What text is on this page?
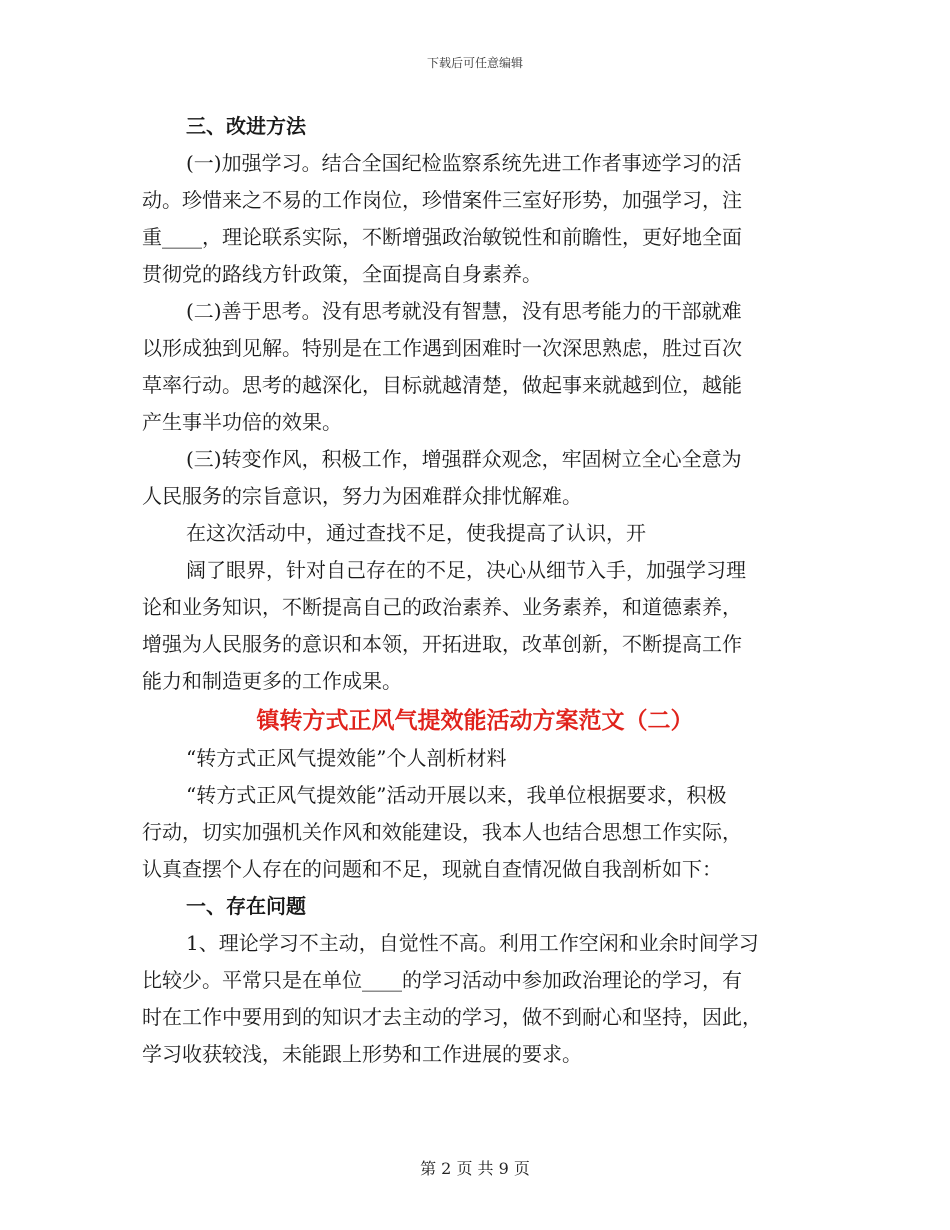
下载后可任意编辑
三、改进方法
(一)加强学习。结合全国纪检监察系统先进工作者事迹学习的活
动。珍惜来之不易的工作岗位，珍惜案件三室好形势，加强学习，注
重____，理论联系实际，不断增强政治敏锐性和前瞻性，更好地全面
贯彻党的路线方针政策，全面提高自身素养。
(二)善于思考。没有思考就没有智慧，没有思考能力的干部就难
以形成独到见解。特别是在工作遇到困难时一次深思熟虑，胜过百次
草率行动。思考的越深化，目标就越清楚，做起事来就越到位，越能
产生事半功倍的效果。
(三)转变作风，积极工作，增强群众观念，牢固树立全心全意为
人民服务的宗旨意识，努力为困难群众排忧解难。
在这次活动中，通过查找不足，使我提高了认识，开
阔了眼界，针对自己存在的不足，决心从细节入手，加强学习理
论和业务知识，不断提高自己的政治素养、业务素养，和道德素养，
增强为人民服务的意识和本领，开拓进取，改革创新，不断提高工作
能力和制造更多的工作成果。
镇转方式正风气提效能活动方案范文（二）
“转方式正风气提效能”个人剖析材料
“转方式正风气提效能”活动开展以来，我单位根据要求，积极
行动，切实加强机关作风和效能建设，我本人也结合思想工作实际，
认真查摆个人存在的问题和不足，现就自查情况做自我剖析如下：
一、存在问题
1、理论学习不主动，自觉性不高。利用工作空闲和业余时间学习
比较少。平常只是在单位____的学习活动中参加政治理论的学习，有
时在工作中要用到的知识才去主动的学习，做不到耐心和坚持，因此，
学习收获较浅，未能跟上形势和工作进展的要求。
第 2 页 共 9 页
